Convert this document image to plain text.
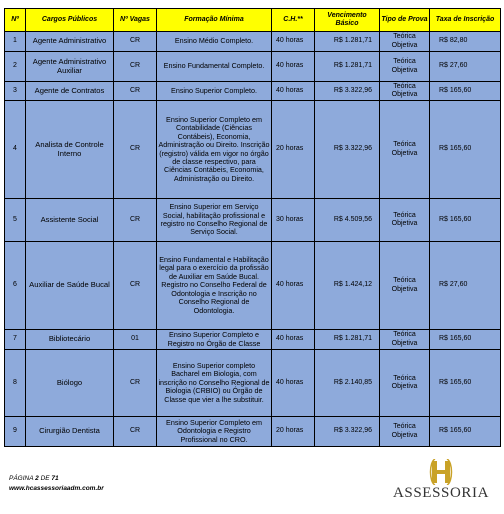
Nº	Cargos Públicos	Nº Vagas	Formação Mínima	C.H.**	Vencimento Básico	Tipo de Prova	Taxa de Inscrição
1	Agente Administrativo	CR	Ensino Médio Completo.	40 horas	R$ 1.281,71	Teórica Objetiva	R$ 82,80
2	Agente Administrativo Auxiliar	CR	Ensino Fundamental Completo.	40 horas	R$ 1.281,71	Teórica Objetiva	R$ 27,60
3	Agente de Contratos	CR	Ensino Superior Completo.	40 horas	R$ 3.322,96	Teórica Objetiva	R$ 165,60
4	Analista de Controle Interno	CR	Ensino Superior Completo em Contabilidade (Ciências Contábeis), Economia, Administração ou Direito. Inscrição (registro) válida em vigor no órgão de classe respectivo, para Ciências Contábeis, Economia, Administração ou Direito.	20 horas	R$ 3.322,96	Teórica Objetiva	R$ 165,60
5	Assistente Social	CR	Ensino Superior em Serviço Social, habilitação profissional e registro no Conselho Regional de Serviço Social.	30 horas	R$ 4.509,56	Teórica Objetiva	R$ 165,60
6	Auxiliar de Saúde Bucal	CR	Ensino Fundamental e Habilitação legal para o exercício da profissão de Auxiliar em Saúde Bucal. Registro no Conselho Federal de Odontologia e Inscrição no Conselho Regional de Odontologia.	40 horas	R$ 1.424,12	Teórica Objetiva	R$ 27,60
7	Bibliotecário	01	Ensino Superior Completo e Registro no Órgão de Classe	40 horas	R$ 1.281,71	Teórica Objetiva	R$ 165,60
8	Biólogo	CR	Ensino Superior completo Bacharel em Biologia, com inscrição no Conselho Regional de Biologia (CRBIO) ou Órgão de Classe que vier a lhe substituir.	40 horas	R$ 2.140,85	Teórica Objetiva	R$ 165,60
9	Cirurgião Dentista	CR	Ensino Superior Completo em Odontologia e Registro Profissional no CRO.	20 horas	R$ 3.322,96	Teórica Objetiva	R$ 165,60
PÁGINA 2 DE 71
www.hcassessoriaadm.com.br	ASSESSORIA
